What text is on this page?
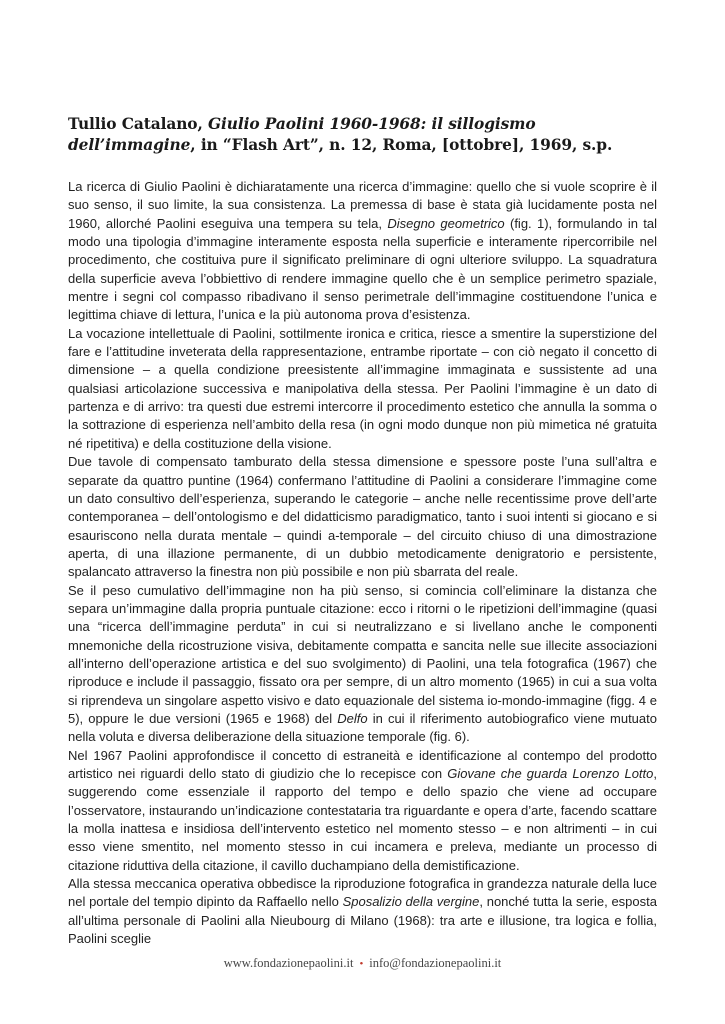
Tullio Catalano, Giulio Paolini 1960-1968: il sillogismo dell’immagine, in “Flash Art”, n. 12, Roma, [ottobre], 1969, s.p.

La ricerca di Giulio Paolini è dichiaratamente una ricerca d’immagine: quello che si vuole scoprire è il suo senso, il suo limite, la sua consistenza. La premessa di base è stata già lucidamente posta nel 1960, allorché Paolini eseguiva una tempera su tela, Disegno geometrico (fig. 1), formulando in tal modo una tipologia d’immagine interamente esposta nella superficie e interamente ripercorribile nel procedimento, che costituiva pure il significato preliminare di ogni ulteriore sviluppo. La squadratura della superficie aveva l’obbiettivo di rendere immagine quello che è un semplice perimetro spaziale, mentre i segni col compasso ribadivano il senso perimetrale dell’immagine costituendone l’unica e legittima chiave di lettura, l’unica e la più autonoma prova d’esistenza.

La vocazione intellettuale di Paolini, sottilmente ironica e critica, riesce a smentire la superstizione del fare e l’attitudine inveterata della rappresentazione, entrambe riportate – con ciò negato il concetto di dimensione – a quella condizione preesistente all’immagine immaginata e sussistente ad una qualsiasi articolazione successiva e manipolativa della stessa. Per Paolini l’immagine è un dato di partenza e di arrivo: tra questi due estremi intercorre il procedimento estetico che annulla la somma o la sottrazione di esperienza nell’ambito della resa (in ogni modo dunque non più mimetica né gratuita né ripetitiva) e della costituzione della visione.

Due tavole di compensato tamburato della stessa dimensione e spessore poste l’una sull’altra e separate da quattro puntine (1964) confermano l’attitudine di Paolini a considerare l’immagine come un dato consultivo dell’esperienza, superando le categorie – anche nelle recentissime prove dell’arte contemporanea – dell’ontologismo e del didatticismo paradigmatico, tanto i suoi intenti si giocano e si esauriscono nella durata mentale – quindi a-temporale – del circuito chiuso di una dimostrazione aperta, di una illazione permanente, di un dubbio metodicamente denigratorio e persistente, spalancato attraverso la finestra non più possibile e non più sbarrata del reale.

Se il peso cumulativo dell’immagine non ha più senso, si comincia coll’eliminare la distanza che separa un’immagine dalla propria puntuale citazione: ecco i ritorni o le ripetizioni dell’immagine (quasi una “ricerca dell’immagine perduta” in cui si neutralizzano e si livellano anche le componenti mnemoniche della ricostruzione visiva, debitamente compatta e sancita nelle sue illecite associazioni all’interno dell’operazione artistica e del suo svolgimento) di Paolini, una tela fotografica (1967) che riproduce e include il passaggio, fissato ora per sempre, di un altro momento (1965) in cui a sua volta si riprendeva un singolare aspetto visivo e dato equazionale del sistema io-mondo-immagine (figg. 4 e 5), oppure le due versioni (1965 e 1968) del Delfo in cui il riferimento autobiografico viene mutuato nella voluta e diversa deliberazione della situazione temporale (fig. 6).

Nel 1967 Paolini approfondisce il concetto di estraneità e identificazione al contempo del prodotto artistico nei riguardi dello stato di giudizio che lo recepisce con Giovane che guarda Lorenzo Lotto, suggerendo come essenziale il rapporto del tempo e dello spazio che viene ad occupare l’osservatore, instaurando un’indicazione contestataria tra riguardante e opera d’arte, facendo scattare la molla inattesa e insidiosa dell’intervento estetico nel momento stesso – e non altrimenti – in cui esso viene smentito, nel momento stesso in cui incamera e preleva, mediante un processo di citazione riduttiva della citazione, il cavillo duchampiano della demistificazione.

Alla stessa meccanica operativa obbedisce la riproduzione fotografica in grandezza naturale della luce nel portale del tempio dipinto da Raffaello nello Sposalizio della vergine, nonché tutta la serie, esposta all’ultima personale di Paolini alla Nieubourg di Milano (1968): tra arte e illusione, tra logica e follia, Paolini sceglie

www.fondazionepaolini.it • info@fondazionepaolini.it
